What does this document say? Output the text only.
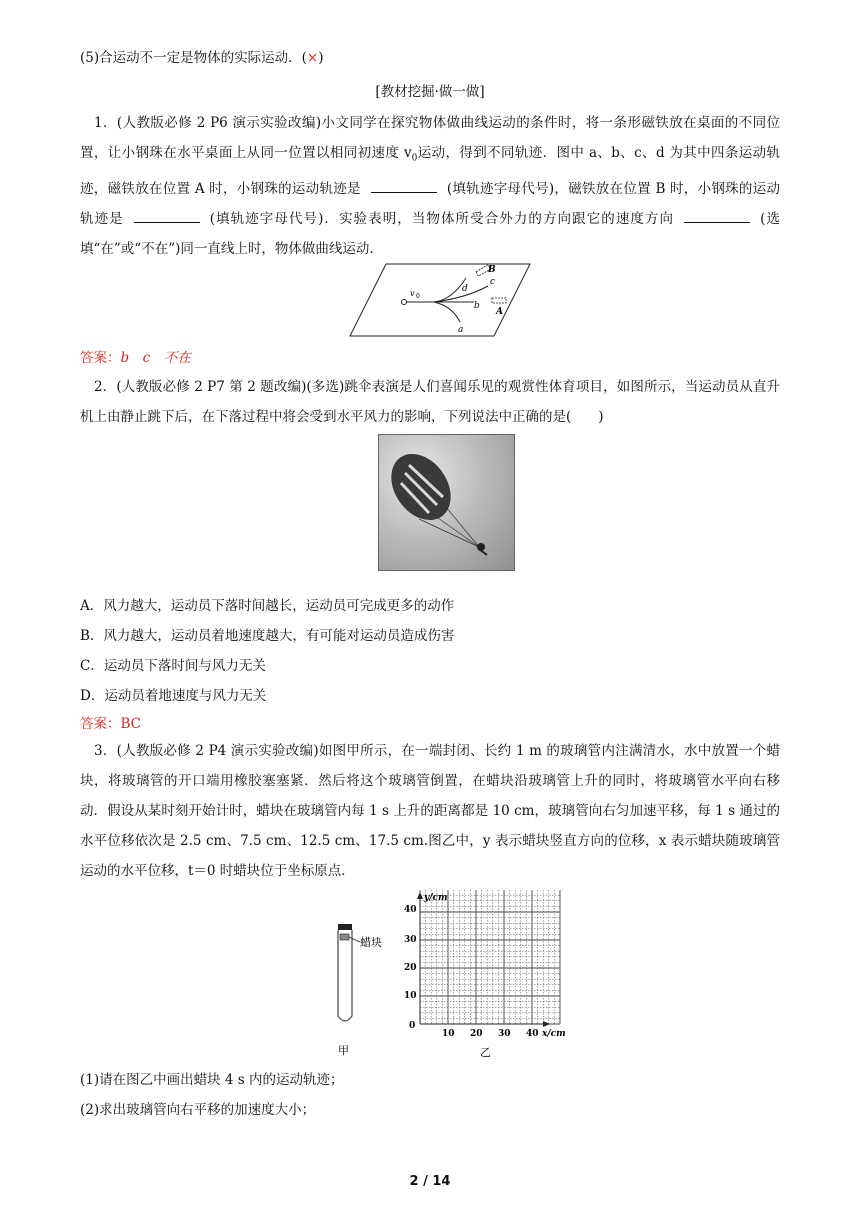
(5)合运动不一定是物体的实际运动．(×)
[教材挖掘·做一做]
1．(人教版必修 2 P6 演示实验改编)小文同学在探究物体做曲线运动的条件时，将一条形磁铁放在桌面的不同位置，让小钢珠在水平桌面上从同一位置以相同初速度 $v_0$运动，得到不同轨迹．图中 a、b、c、d 为其中四条运动轨迹，磁铁放在位置 A 时，小钢珠的运动轨迹是	(填轨迹字母代号)，磁铁放在位置 B 时，小钢珠的运动轨迹是	(填轨迹字母代号)．实验表明，当物体所受合外力的方向跟它的速度方向	(选填“在”或“不在”)同一直线上时，物体做曲线运动．
v 0
d
c
b
a
B
A
答案：b　c　不在
2．(人教版必修 2 P7 第 2 题改编)(多选)跳伞表演是人们喜闻乐见的观赏性体育项目，如图所示，当运动员从直升机上由静止跳下后，在下落过程中将会受到水平风力的影响，下列说法中正确的是(　　)
A．风力越大，运动员下落时间越长，运动员可完成更多的动作
B．风力越大，运动员着地速度越大，有可能对运动员造成伤害
C．运动员下落时间与风力无关
D．运动员着地速度与风力无关
答案：BC
3．(人教版必修 2 P4 演示实验改编)如图甲所示，在一端封闭、长约 1 m 的玻璃管内注满清水，水中放置一个蜡块，将玻璃管的开口端用橡胶塞塞紧．然后将这个玻璃管倒置，在蜡块沿玻璃管上升的同时，将玻璃管水平向右移动．假设从某时刻开始计时，蜡块在玻璃管内每 1 s 上升的距离都是 10 cm，玻璃管向右匀加速平移，每 1 s 通过的水平位移依次是 2.5 cm、7.5 cm、12.5 cm、17.5 cm.图乙中，y 表示蜡块竖直方向的位移，x 表示蜡块随玻璃管运动的水平位移，t＝0 时蜡块位于坐标原点．
蜡块
甲
y/cm
x/cm
40
30
20
10
0
10 20 30 40
乙
(1)请在图乙中画出蜡块 4 s 内的运动轨迹；
(2)求出玻璃管向右平移的加速度大小；
2 / 14
